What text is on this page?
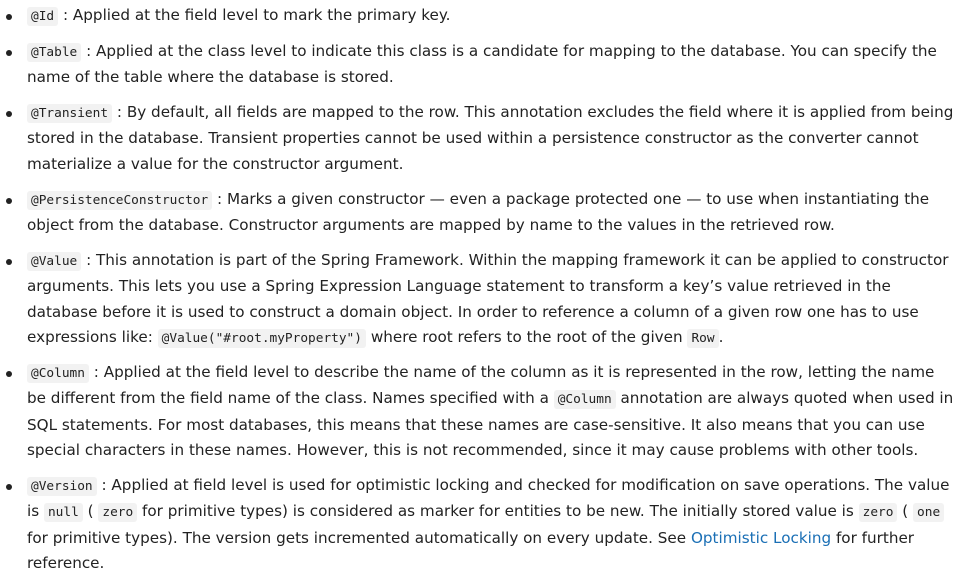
@Id : Applied at the field level to mark the primary key.
@Table : Applied at the class level to indicate this class is a candidate for mapping to the database. You can specify the name of the table where the database is stored.
@Transient : By default, all fields are mapped to the row. This annotation excludes the field where it is applied from being stored in the database. Transient properties cannot be used within a persistence constructor as the converter cannot materialize a value for the constructor argument.
@PersistenceConstructor : Marks a given constructor — even a package protected one — to use when instantiating the object from the database. Constructor arguments are mapped by name to the values in the retrieved row.
@Value : This annotation is part of the Spring Framework. Within the mapping framework it can be applied to constructor arguments. This lets you use a Spring Expression Language statement to transform a key’s value retrieved in the database before it is used to construct a domain object. In order to reference a column of a given row one has to use expressions like: @Value("#root.myProperty") where root refers to the root of the given Row .
@Column : Applied at the field level to describe the name of the column as it is represented in the row, letting the name be different from the field name of the class. Names specified with a @Column annotation are always quoted when used in SQL statements. For most databases, this means that these names are case-sensitive. It also means that you can use special characters in these names. However, this is not recommended, since it may cause problems with other tools.
@Version : Applied at field level is used for optimistic locking and checked for modification on save operations. The value is null ( zero for primitive types) is considered as marker for entities to be new. The initially stored value is zero ( one for primitive types). The version gets incremented automatically on every update. See Optimistic Locking for further reference.
